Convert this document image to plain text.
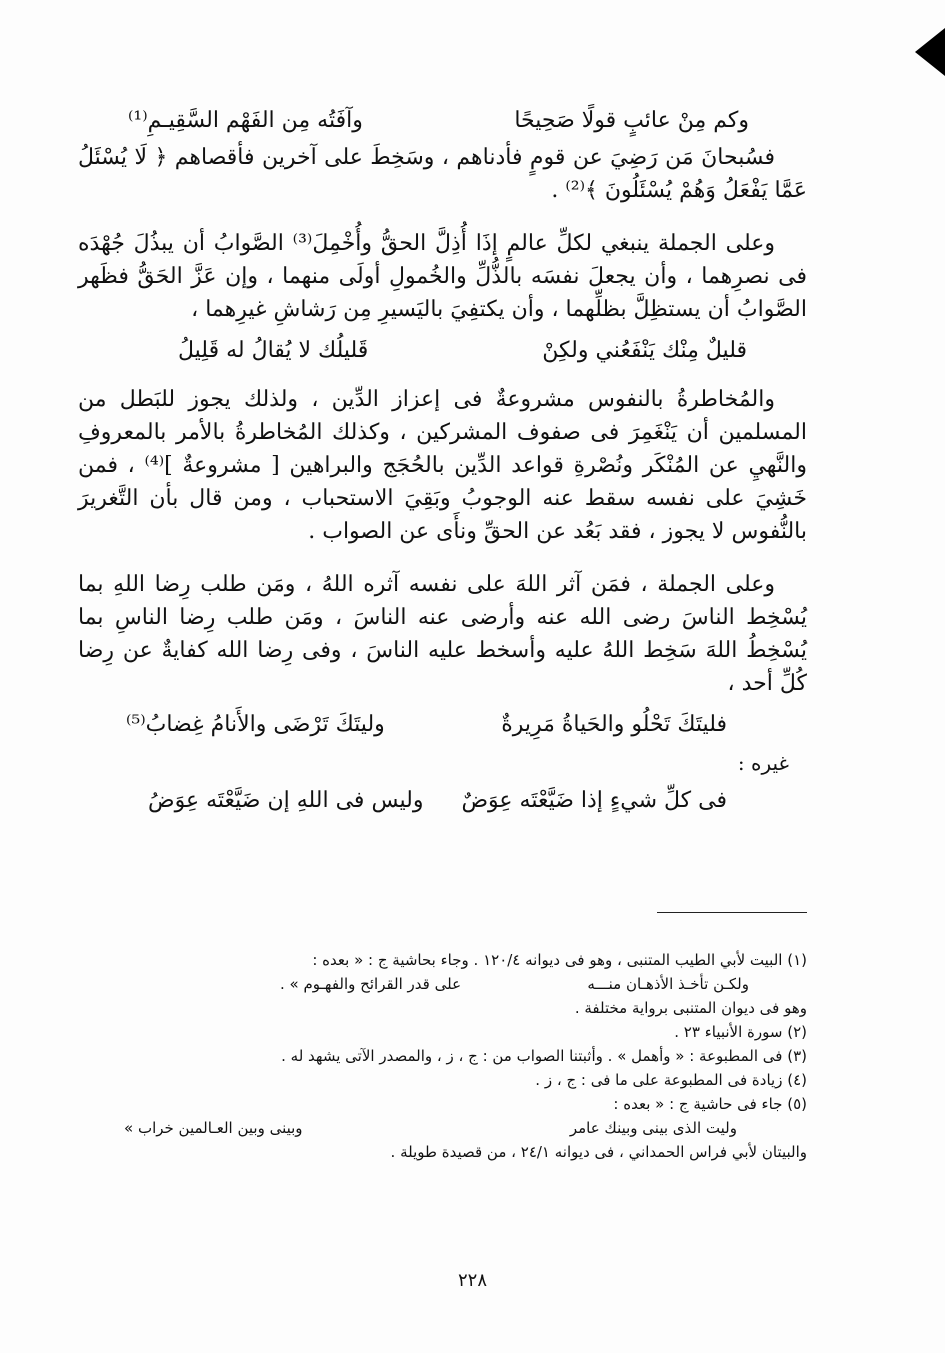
وكم مِنْ عائبٍ قولًا صَحِيحًا
وآفَتُه مِن الفَهْم السَّقِيـمِ⁽¹⁾

فسُبحانَ مَن رَضِيَ عن قومٍ فأدناهم ، وسَخِطَ على آخرين فأقصاهم ﴿ لَا يُسْئَلُ عَمَّا يَفْعَلُ وَهُمْ يُسْئَلُونَ ﴾⁽²⁾ .

وعلى الجملة ينبغي لكلِّ عالمٍ إذَا أُذِلَّ الحقُّ وأُخْمِلَ⁽³⁾ الصَّوابُ أن يبذُلَ جُهْدَه فى نصرِهما ، وأن يجعلَ نفسَه بالذُّلِّ والخُمولِ أولَى منهما ، وإن عَزَّ الحَقُّ فظَهر الصَّوابُ أن يستظِلَّ بظلِّهما ، وأن يكتفِيَ باليَسيرِ مِن رَشاشِ غيرِهما ،

قليلٌ مِنْك يَنْفَعُني ولكِنْ
قَليلُك لا يُقالُ له قَلِيلُ

والمُخاطرةُ بالنفوس مشروعةٌ فى إعزاز الدِّين ، ولذلك يجوز للبَطل من المسلمين أن يَنْغَمِرَ فى صفوف المشركين ، وكذلك المُخاطرةُ بالأمر بالمعروفِ والنَّهيِ عن المُنْكَر ونُصْرةِ قواعد الدِّين بالحُجَج والبراهين [ مشروعةٌ ]⁽⁴⁾ ، فمن خَشِيَ على نفسه سقط عنه الوجوبُ وبَقِيَ الاستحباب ، ومن قال بأن التَّغريرَ بالنُّفوس لا يجوز ، فقد بَعُد عن الحقِّ ونأَى عن الصواب .

وعلى الجملة ، فمَن آثر اللهَ على نفسه آثره اللهُ ، ومَن طلب رِضا اللهِ بما يُسْخِط الناسَ رضى الله عنه وأرضى عنه الناسَ ، ومَن طلب رِضا الناسِ بما يُسْخِطُ اللهَ سَخِط اللهُ عليه وأسخط عليه الناسَ ، وفى رِضا الله كفايةٌ عن رِضا كُلِّ أحد ،

فليتَكَ تَحْلُو والحَياةُ مَرِيرةٌ
وليتَكَ تَرْضَى والأَنامُ غِضابُ⁽⁵⁾
غيره :
فى كلِّ شيءٍ إذا ضَيَّعْتَه عِوَضٌ
وليس فى اللهِ إن ضَيَّعْتَه عِوَضُ

(١) البيت لأبي الطيب المتنبى ، وهو فى ديوانه ١٢٠/٤ . وجاء بحاشية ج : « بعده :

ولكـن تأخـذ الأذهـان منـــه
على قدر القرائح والفهـوم » .

وهو فى ديوان المتنبى برواية مختلفة .

(٢) سورة الأنبياء ٢٣ .

(٣) فى المطبوعة : « وأهمل » . وأثبتنا الصواب من : ج ، ز ، والمصدر الآتى يشهد له .

(٤) زيادة فى المطبوعة على ما فى : ج ، ز .

(٥) جاء فى حاشية ج : « بعده :

وليت الذى بينى وبينك عامر
وبينى وبين العـالمين خراب »

والبيتان لأبي فراس الحمداني ، فى ديوانه ٢٤/١ ، من قصيدة طويلة .

٢٢٨
